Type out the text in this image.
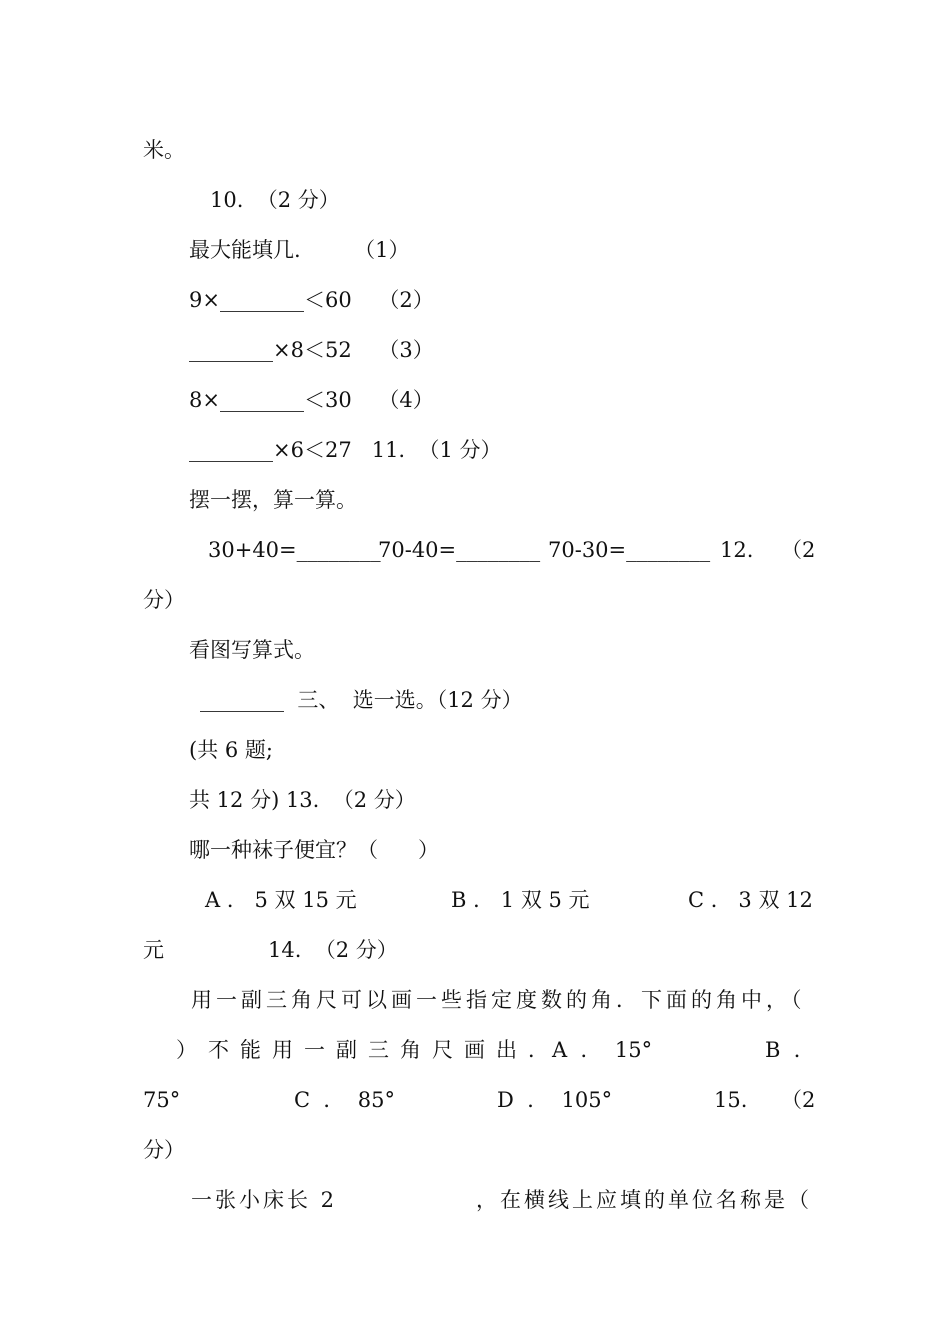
米。
10.  （2 分）
最大能填几.        （1）
9×________＜60    （2）
________×8＜52    （3）
8×________＜30    （4）
________×6＜27   11.  （1 分）
摆一摆，算一算。
30+40=________
70-40=________ 70-30=________ 12. （2
分）
看图写算式。
________  三、  选一选。（12 分）
(共 6 题;
共 12 分) 13.  （2 分）
哪一种袜子便宜？（      ）
A ． 5 双 15 元	B ． 1 双 5 元	C ． 3 双 12
元	14.  （2 分）
用一副三角尺可以画一些指定度数的角．下面的角中，（
）不能用一副三角尺画出．
A  ．  15°	B  ．
75°	C  ．  85°	D  ．  105°	15. （2
分）
一张小床长 2	，在横线上应填的单位名称是（
